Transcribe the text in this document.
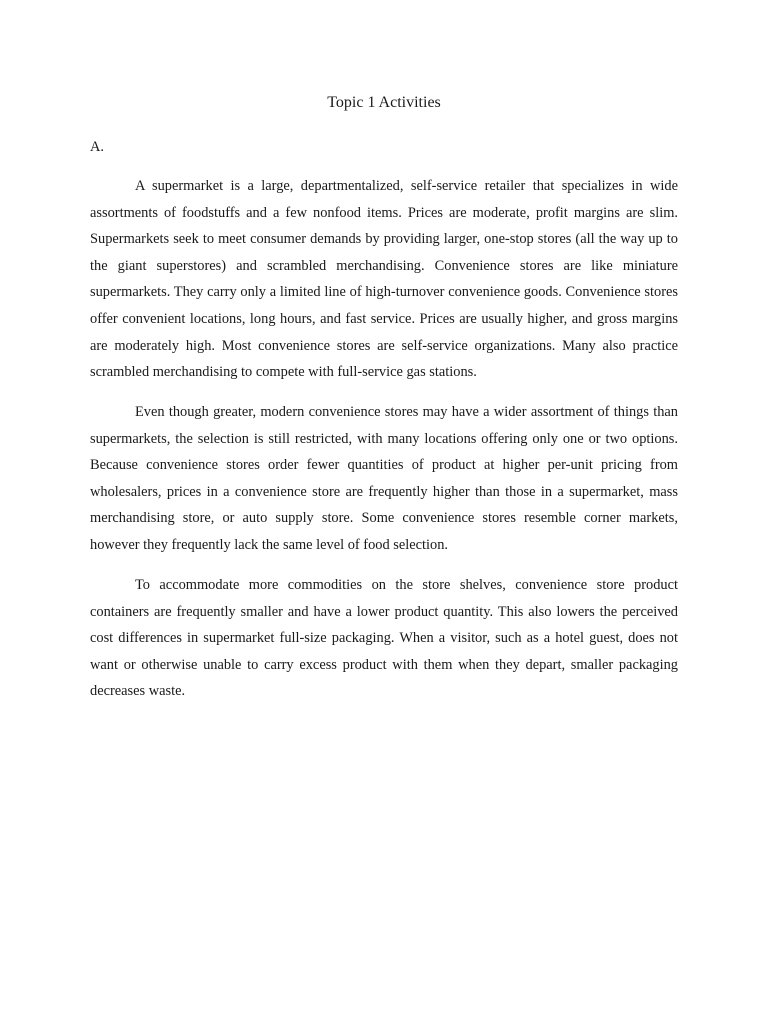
Topic 1 Activities
A.

A supermarket is a large, departmentalized, self-service retailer that specializes in wide assortments of foodstuffs and a few nonfood items. Prices are moderate, profit margins are slim. Supermarkets seek to meet consumer demands by providing larger, one-stop stores (all the way up to the giant superstores) and scrambled merchandising. Convenience stores are like miniature supermarkets. They carry only a limited line of high-turnover convenience goods. Convenience stores offer convenient locations, long hours, and fast service. Prices are usually higher, and gross margins are moderately high. Most convenience stores are self-service organizations. Many also practice scrambled merchandising to compete with full-service gas stations.

Even though greater, modern convenience stores may have a wider assortment of things than supermarkets, the selection is still restricted, with many locations offering only one or two options. Because convenience stores order fewer quantities of product at higher per-unit pricing from wholesalers, prices in a convenience store are frequently higher than those in a supermarket, mass merchandising store, or auto supply store. Some convenience stores resemble corner markets, however they frequently lack the same level of food selection.

To accommodate more commodities on the store shelves, convenience store product containers are frequently smaller and have a lower product quantity. This also lowers the perceived cost differences in supermarket full-size packaging. When a visitor, such as a hotel guest, does not want or otherwise unable to carry excess product with them when they depart, smaller packaging decreases waste.
